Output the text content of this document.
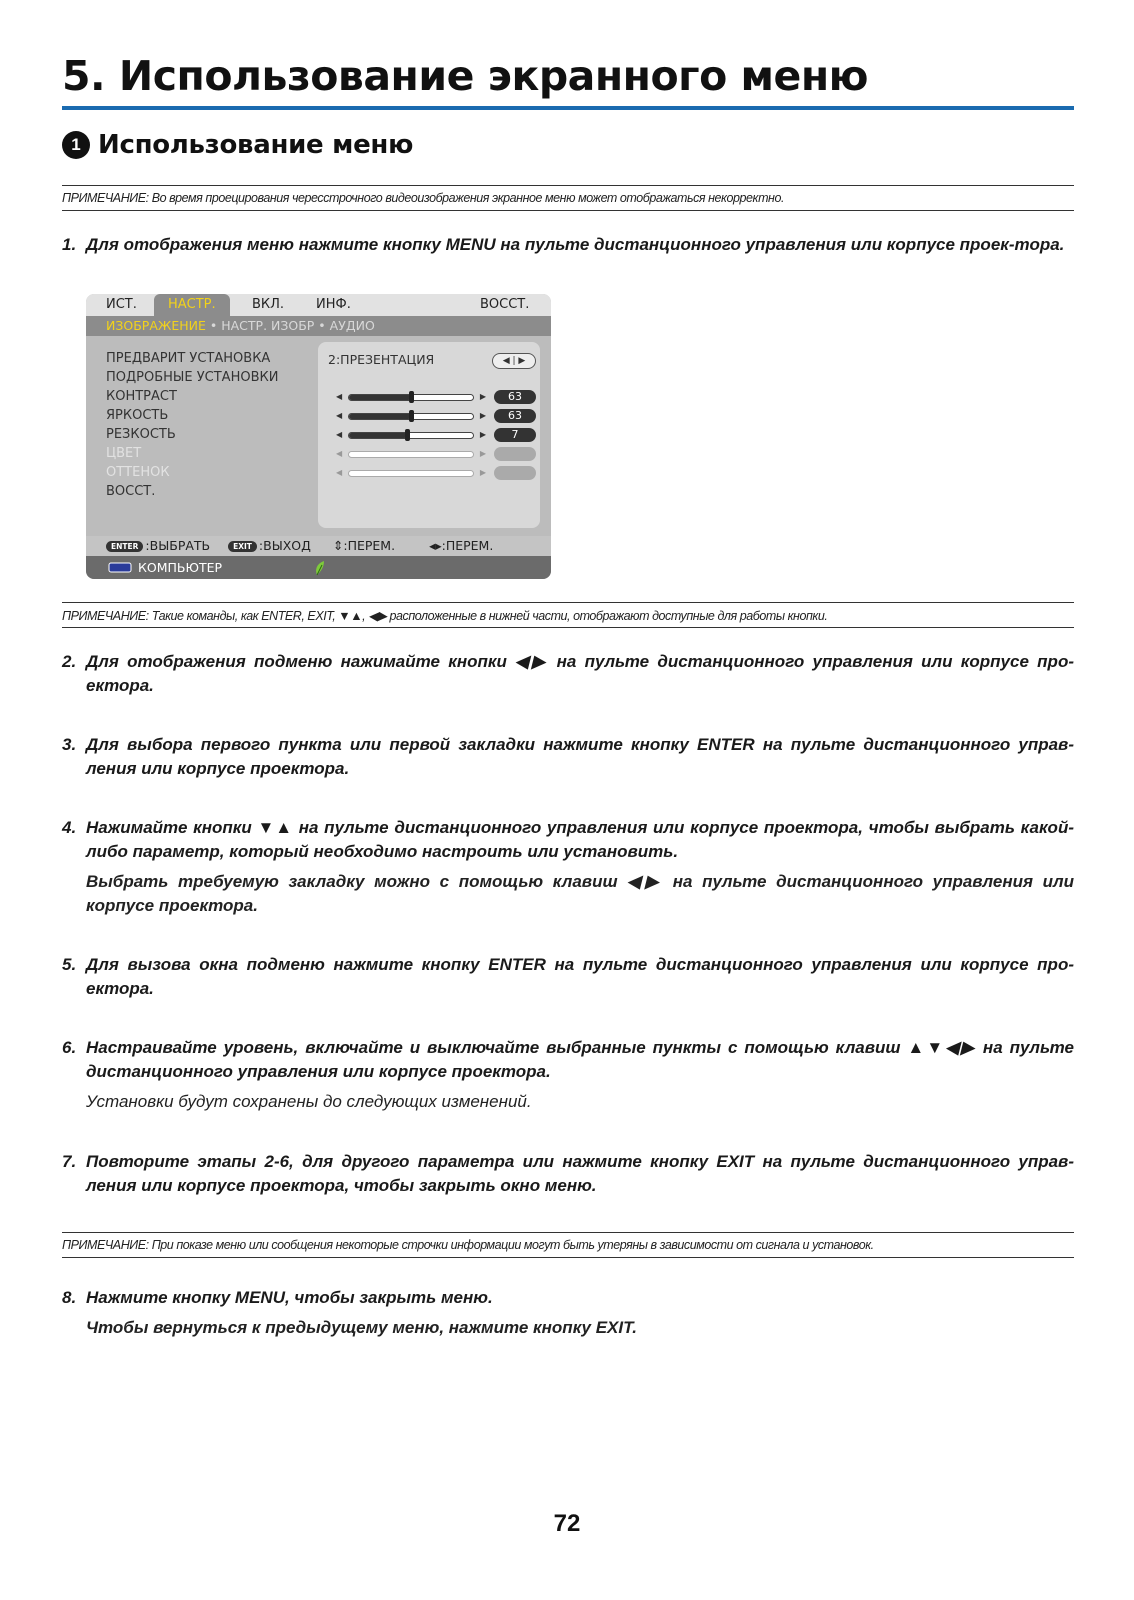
5. Использование экранного меню
1 Использование меню
ПРИМЕЧАНИЕ: Во время проецирования чересстрочного видеоизображения экранное меню может отображаться некорректно.
1. Для отображения меню нажмите кнопку MENU на пульте дистанционного управления или корпусе проек-тора.
ИСТ.	НАСТР.	ВКЛ. ИНФ.	ВОССТ.
ИЗОБРАЖЕНИЕ • НАСТР. ИЗОБР • АУДИО
ПРЕДВАРИТ УСТАНОВКА
ПОДРОБНЫЕ УСТАНОВКИ
КОНТРАСТ
ЯРКОСТЬ
РЕЗКОСТЬ
ЦВЕТ
ОТТЕНОК
ВОССТ.
2:ПРЕЗЕНТАЦИЯ	◀ | ▶
◀	▶	63
◀	▶	63
◀	▶	7
◀	▶
◀	▶
ENTER :ВЫБРАТЬ	EXIT :ВЫХОД ⇕:ПЕРЕМ.	◂▸:ПЕРЕМ.
КОМПЬЮТЕР
ПРИМЕЧАНИЕ: Такие команды, как ENTER, EXIT, ▼▲, ◀▶ расположенные в нижней части, отображают доступные для работы кнопки.
2. Для отображения подменю нажимайте кнопки ◀▶ на пульте дистанционного управления или корпусе про-ектора.
3. Для выбора первого пункта или первой закладки нажмите кнопку ENTER на пульте дистанционного управ-ления или корпусе проектора.
4. Нажимайте кнопки ▼▲ на пульте дистанционного управления или корпусе проектора, чтобы выбрать какой-либо параметр, который необходимо настроить или установить.
Выбрать требуемую закладку можно с помощью клавиш ◀▶ на пульте дистанционного управления или корпусе проектора.
5. Для вызова окна подменю нажмите кнопку ENTER на пульте дистанционного управления или корпусе про-ектора.
6. Настраивайте уровень, включайте и выключайте выбранные пункты с помощью клавиш ▲▼◀▶ на пульте дистанционного управления или корпусе проектора.
Установки будут сохранены до следующих изменений.
7. Повторите этапы 2-6, для другого параметра или нажмите кнопку EXIT на пульте дистанционного управ-ления или корпусе проектора, чтобы закрыть окно меню.
ПРИМЕЧАНИЕ: При показе меню или сообщения некоторые строчки информации могут быть утеряны в зависимости от сигнала и установок.
8. Нажмите кнопку MENU, чтобы закрыть меню.
Чтобы вернуться к предыдущему меню, нажмите кнопку EXIT.
72
